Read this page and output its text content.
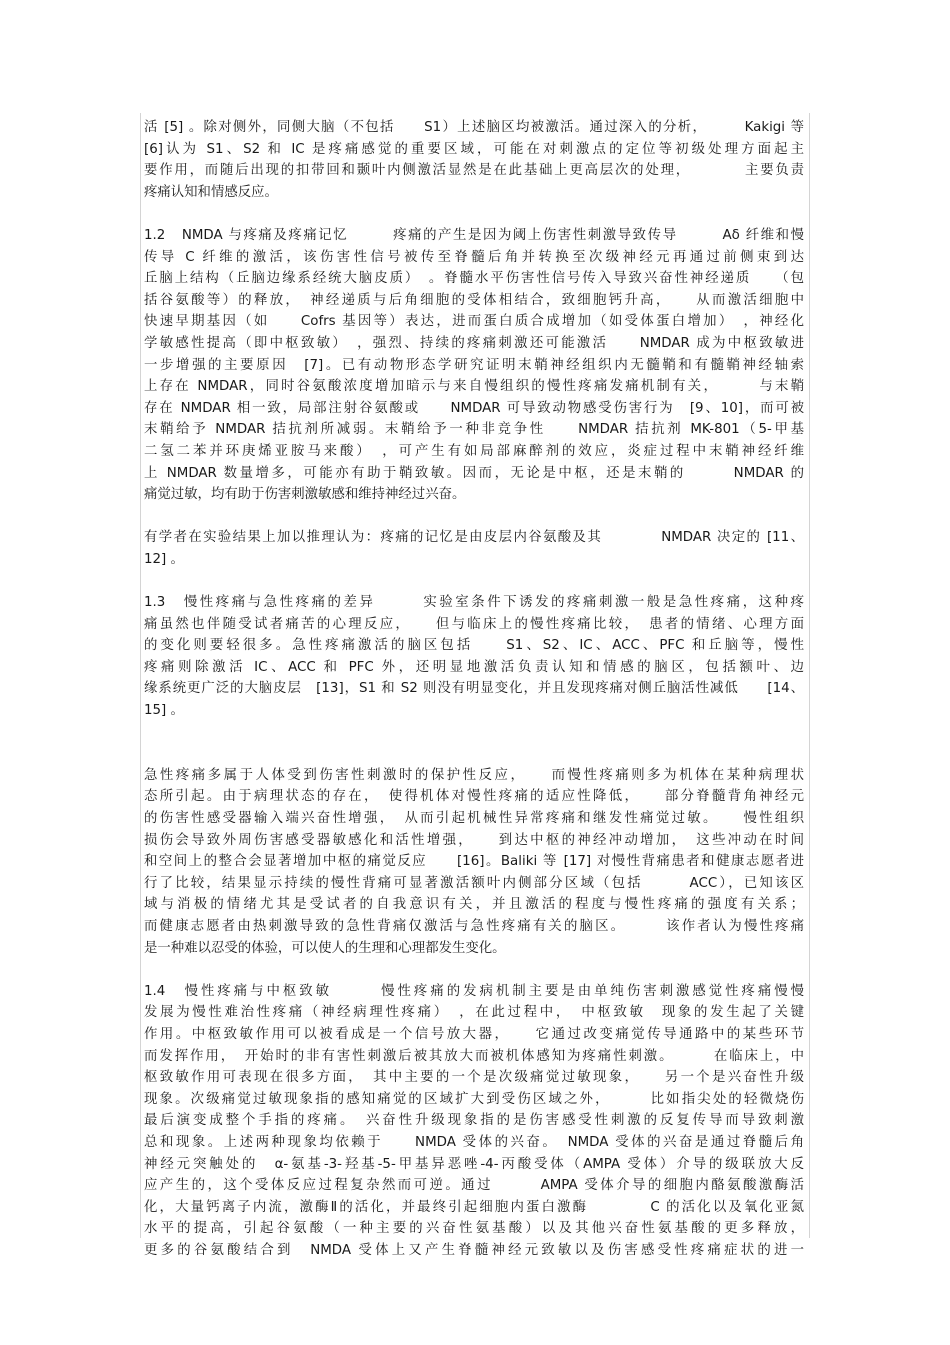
活 [5] 。除对侧外，同侧大脑（不包括　　S1）上述脑区均被激活。通过深入的分析，　　　Kakigi 等
[6]认为 S1、S2 和 IC 是疼痛感觉的重要区域，可能在对刺激点的定位等初级处理方面起主
要作用，而随后出现的扣带回和颞叶内侧激活显然是在此基础上更高层次的处理，　　　　主要负责
疼痛认知和情感反应。
1.2　NMDA 与疼痛及疼痛记忆　　　疼痛的产生是因为阈上伤害性刺激导致传导　　　Aδ 纤维和慢
传导 C 纤维的激活，该伤害性信号被传至脊髓后角并转换至次级神经元再通过前侧束到达
丘脑上结构（丘脑边缘系经统大脑皮质）　。脊髓水平伤害性信号传入导致兴奋性神经递质　　（包
括谷氨酸等）的释放，　神经递质与后角细胞的受体相结合，致细胞钙升高，　　从而激活细胞中
快速早期基因（如　　Cofrs 基因等）表达，进而蛋白质合成增加（如受体蛋白增加）　，神经化
学敏感性提高（即中枢致敏）　，强烈、持续的疼痛刺激还可能激活　　NMDAR 成为中枢致敏进
一步增强的主要原因　[7]。已有动物形态学研究证明末鞘神经组织内无髓鞘和有髓鞘神经轴索
上存在 NMDAR，同时谷氨酸浓度增加暗示与来自慢组织的慢性疼痛发痛机制有关，　　　与末鞘
存在 NMDAR 相一致，局部注射谷氨酸或　　NMDAR 可导致动物感受伤害行为　[9、10]，而可被
末鞘给予 NMDAR 拮抗剂所减弱。末鞘给予一种非竞争性　　NMDAR 拮抗剂 MK-801（5-甲基
二氢二苯并环庚烯亚胺马来酸）　，可产生有如局部麻醉剂的效应，炎症过程中末鞘神经纤维
上 NMDAR 数量增多，可能亦有助于鞘致敏。因而，无论是中枢，还是末鞘的　　　NMDAR 的
痛觉过敏，均有助于伤害刺激敏感和维持神经过兴奋。
有学者在实验结果上加以推理认为：疼痛的记忆是由皮层内谷氨酸及其　　　　NMDAR 决定的 [11、
12] 。
1.3　慢性疼痛与急性疼痛的差异　　　实验室条件下诱发的疼痛刺激一般是急性疼痛，这种疼
痛虽然也伴随受试者痛苦的心理反应，　　但与临床上的慢性疼痛比较，　患者的情绪、心理方面
的变化则要轻很多。急性疼痛激活的脑区包括　　S1、S2、IC、ACC、PFC 和丘脑等，慢性
疼痛则除激活 IC、ACC 和 PFC 外，还明显地激活负责认知和情感的脑区，包括额叶、边
缘系统更广泛的大脑皮层　[13]，S1 和 S2 则没有明显变化，并且发现疼痛对侧丘脑活性减低　　[14、
15] 。
急性疼痛多属于人体受到伤害性刺激时的保护性反应，　　而慢性疼痛则多为机体在某种病理状
态所引起。由于病理状态的存在，　使得机体对慢性疼痛的适应性降低，　　部分脊髓背角神经元
的伤害性感受器输入端兴奋性增强，　从而引起机械性异常疼痛和继发性痛觉过敏。　　慢性组织
损伤会导致外周伤害感受器敏感化和活性增强，　　到达中枢的神经冲动增加，　这些冲动在时间
和空间上的整合会显著增加中枢的痛觉反应　　[16]。Baliki 等 [17] 对慢性背痛患者和健康志愿者进
行了比较，结果显示持续的慢性背痛可显著激活额叶内侧部分区域（包括　　　ACC），已知该区
域与消极的情绪尤其是受试者的自我意识有关，并且激活的程度与慢性疼痛的强度有关系；
而健康志愿者由热刺激导致的急性背痛仅激活与急性疼痛有关的脑区。　　　该作者认为慢性疼痛
是一种难以忍受的体验，可以使人的生理和心理都发生变化。
1.4　慢性疼痛与中枢致敏　　　慢性疼痛的发病机制主要是由单纯伤害刺激感觉性疼痛慢慢
发展为慢性难治性疼痛（神经病理性疼痛）　，在此过程中，　中枢致敏　现象的发生起了关键
作用。中枢致敏作用可以被看成是一个信号放大器，　　它通过改变痛觉传导通路中的某些环节
而发挥作用，　开始时的非有害性刺激后被其放大而被机体感知为疼痛性刺激。　　　在临床上，中
枢致敏作用可表现在很多方面，　其中主要的一个是次级痛觉过敏现象，　　另一个是兴奋性升级
现象。次级痛觉过敏现象指的感知痛觉的区域扩大到受伤区域之外，　　　比如指尖处的轻微烧伤
最后演变成整个手指的疼痛。　兴奋性升级现象指的是伤害感受性刺激的反复传导而导致刺激
总和现象。上述两种现象均依赖于　　NMDA 受体的兴奋。　NMDA 受体的兴奋是通过脊髓后角
神经元突触处的　α-氨基-3-羟基-5-甲基异恶唑-4-丙酸受体（AMPA 受体）介导的级联放大反
应产生的，这个受体反应过程复杂然而可逆。通过　　　AMPA 受体介导的细胞内酪氨酸激酶活
化，大量钙离子内流，激酶Ⅱ的活化，并最终引起细胞内蛋白激酶　　　　C 的活化以及氧化亚氮
水平的提高，引起谷氨酸（一种主要的兴奋性氨基酸）以及其他兴奋性氨基酸的更多释放，
更多的谷氨酸结合到　NMDA 受体上又产生脊髓神经元致敏以及伤害感受性疼痛症状的进一
